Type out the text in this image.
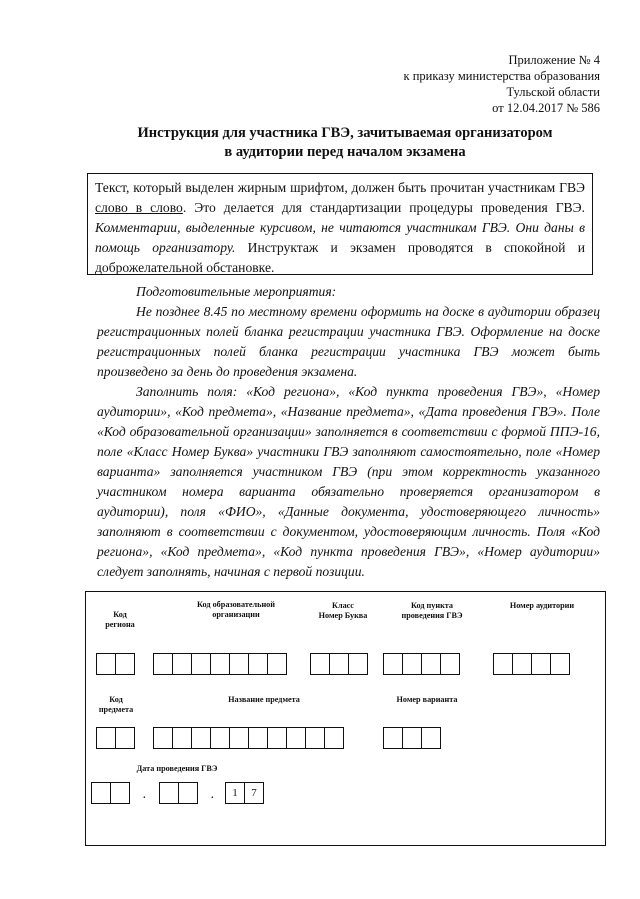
Приложение № 4
к приказу министерства образования
Тульской области
от 12.04.2017 № 586
Инструкция для участника ГВЭ, зачитываемая организатором
в аудитории перед началом экзамена
Текст, который выделен жирным шрифтом, должен быть прочитан участникам ГВЭ слово в слово. Это делается для стандартизации процедуры проведения ГВЭ. Комментарии, выделенные курсивом, не читаются участникам ГВЭ. Они даны в помощь организатору. Инструктаж и экзамен проводятся в спокойной и доброжелательной обстановке.
Подготовительные мероприятия:

Не позднее 8.45 по местному времени оформить на доске в аудитории образец регистрационных полей бланка регистрации участника ГВЭ. Оформление на доске регистрационных полей бланка регистрации участника ГВЭ может быть произведено за день до проведения экзамена.

Заполнить поля: «Код региона», «Код пункта проведения ГВЭ», «Номер аудитории», «Код предмета», «Название предмета», «Дата проведения ГВЭ». Поле «Код образовательной организации» заполняется в соответствии с формой ППЭ-16, поле «Класс Номер Буква» участники ГВЭ заполняют самостоятельно, поле «Номер варианта» заполняется участником ГВЭ (при этом корректность указанного участником номера варианта обязательно проверяется организатором в аудитории), поля «ФИО», «Данные документа, удостоверяющего личность» заполняют в соответствии с документом, удостоверяющим личность. Поля «Код региона», «Код предмета», «Код пункта проведения ГВЭ», «Номер аудитории» следует заполнять, начиная с первой позиции.

Код
региона
Код образовательной
организации
Класс
Номер Буква
Код пункта
проведения ГВЭ
Номер аудитории
Код
предмета
Название предмета	Номер варианта
Дата проведения ГВЭ
·	·	1	7
